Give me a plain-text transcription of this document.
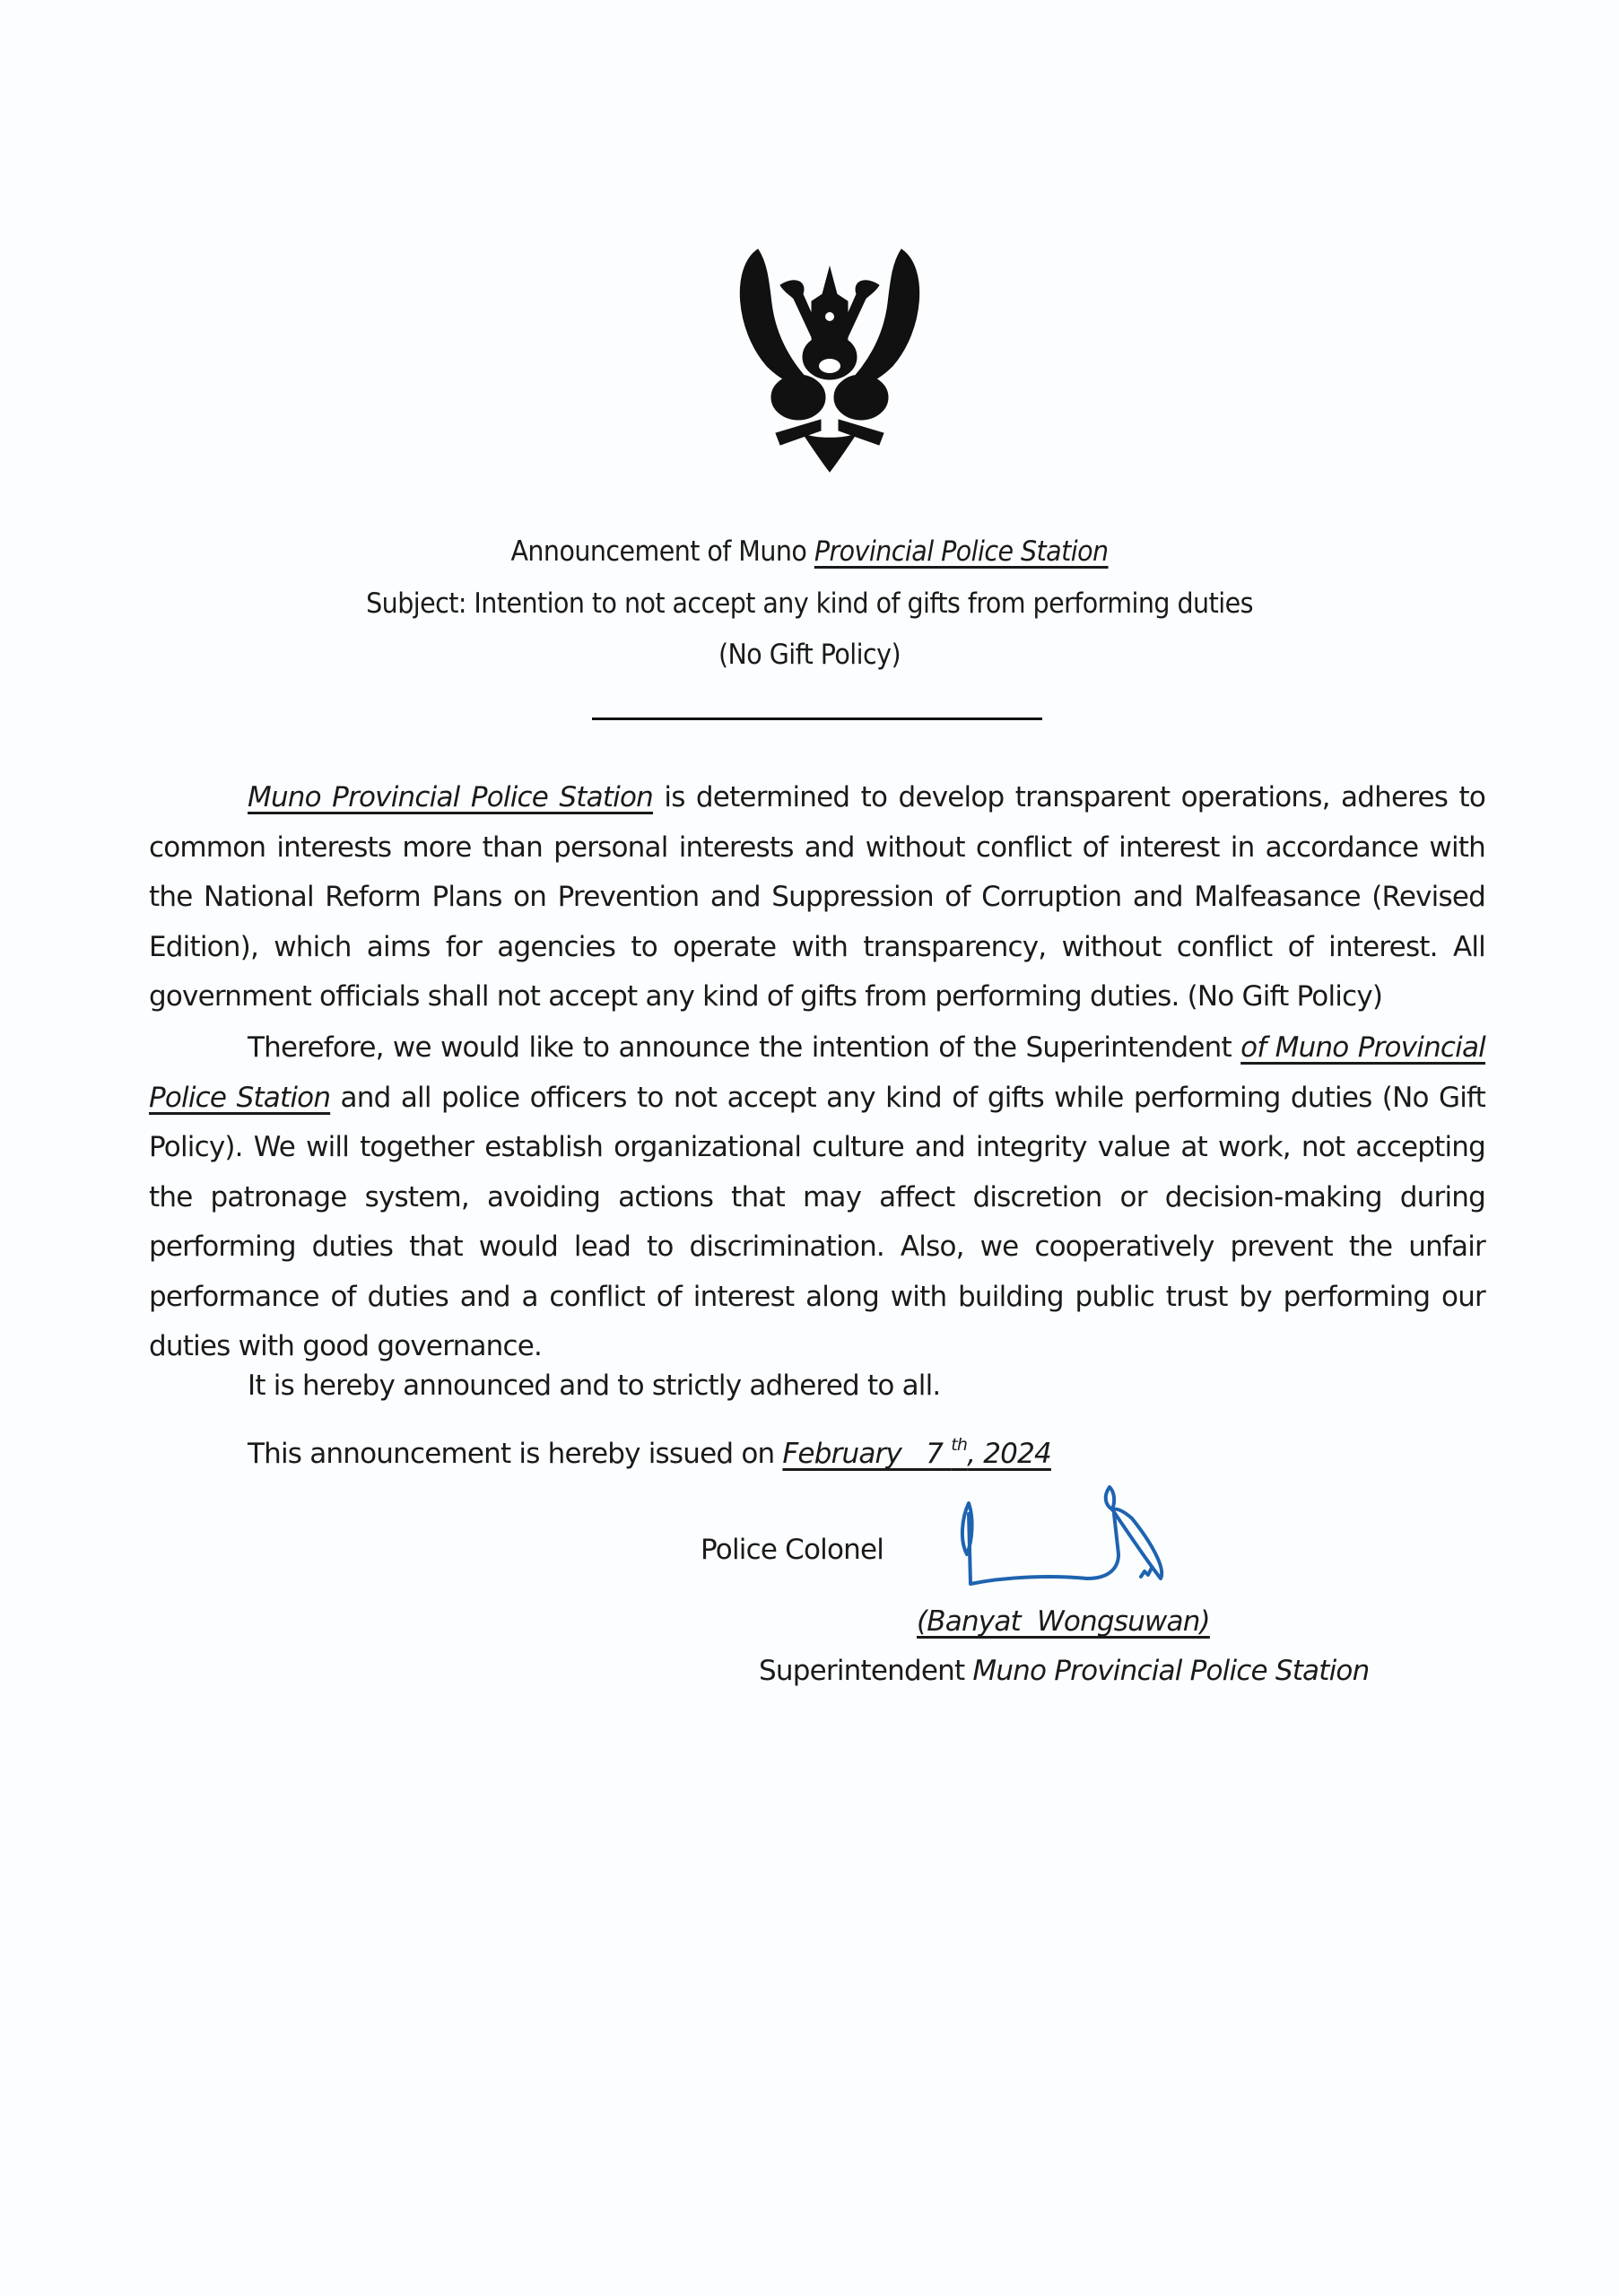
Announcement of Muno Provincial Police Station
Subject: Intention to not accept any kind of gifts from performing duties
(No Gift Policy)

Muno Provincial Police Station is determined to develop transparent operations, adheres to common interests more than personal interests and without conflict of interest in accordance with the National Reform Plans on Prevention and Suppression of Corruption and Malfeasance (Revised Edition), which aims for agencies to operate with transparency, without conflict of interest. All government officials shall not accept any kind of gifts from performing duties. (No Gift Policy)

Therefore, we would like to announce the intention of the Superintendent of Muno Provincial Police Station and all police officers to not accept any kind of gifts while performing duties (No Gift Policy). We will together establish organizational culture and integrity value at work, not accepting the patronage system, avoiding actions that may affect discretion or decision-making during performing duties that would lead to discrimination. Also, we cooperatively prevent the unfair performance of duties and a conflict of interest along with building public trust by performing our duties with good governance.

It is hereby announced and to strictly adhered to all.
This announcement is hereby issued on February   7 $^{th}$, 2024
Police Colonel
(Banyat  Wongsuwan)
Superintendent Muno Provincial Police Station
